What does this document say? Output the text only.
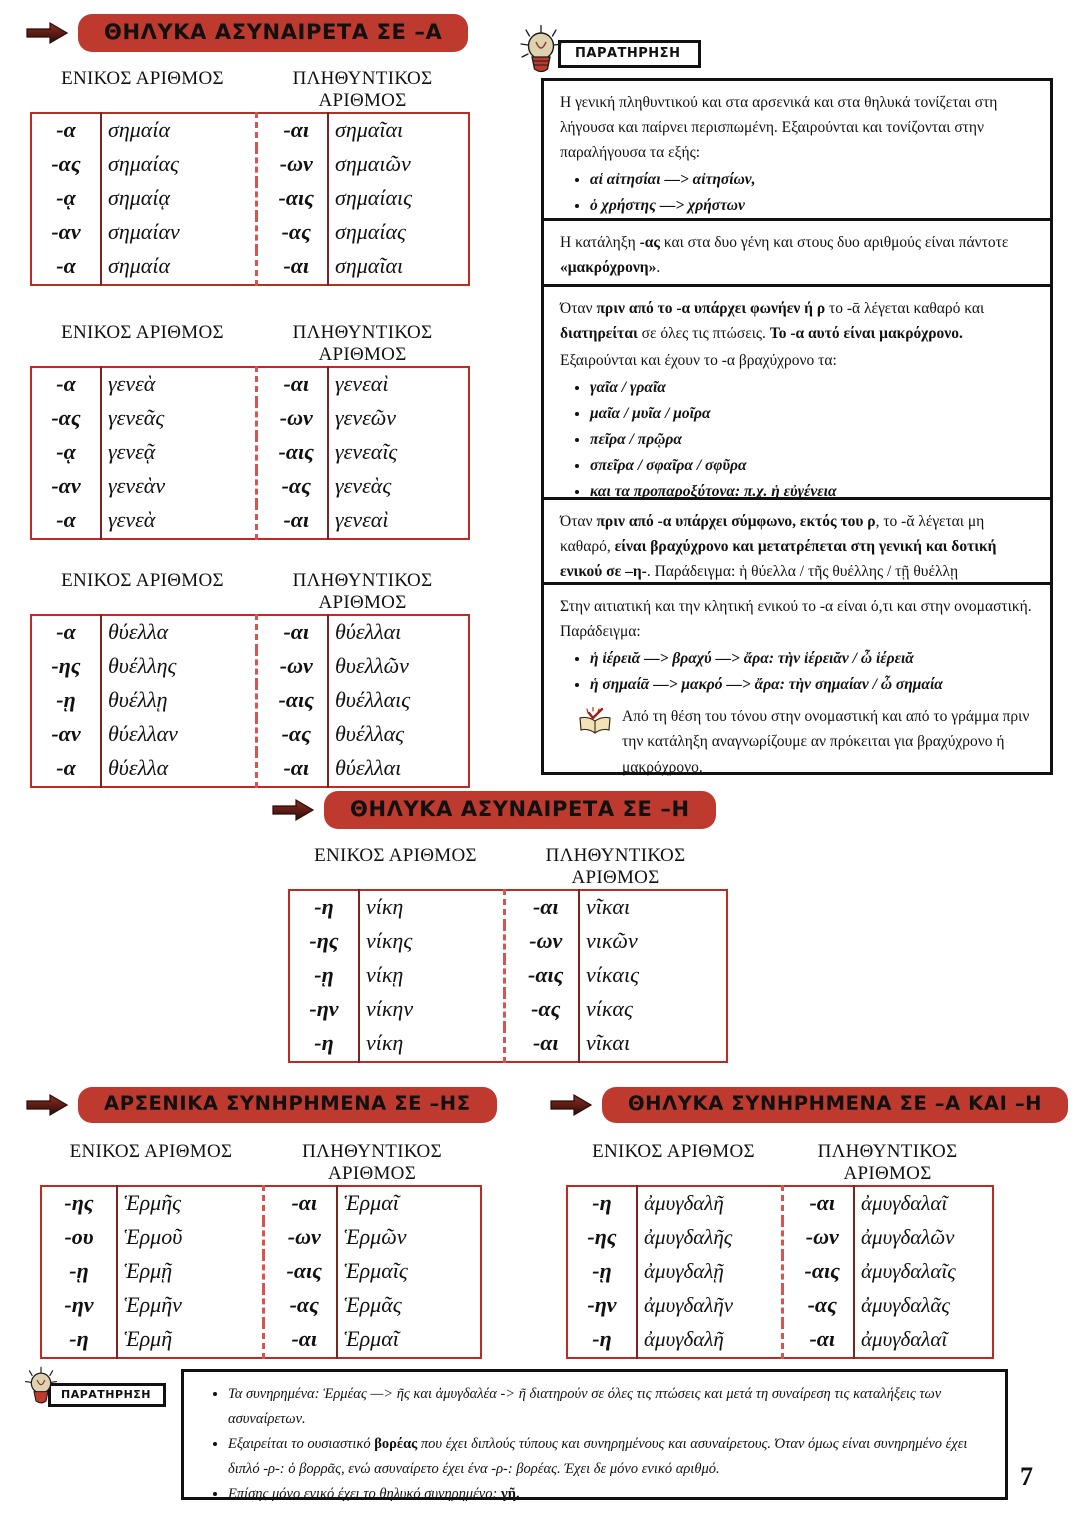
ΘΗΛΥΚΑ ΑΣΥΝΑΙΡΕΤΑ ΣΕ –Α
ΕΝΙΚΟΣ ΑΡΙΘΜΟΣ	ΠΛΗΘΥΝΤΙΚΟΣ ΑΡΙΘΜΟΣ
-α	σημαία	-αι	σημαῖαι
-ας	σημαίας	-ων	σημαιῶν
-ᾳ	σημαίᾳ	-αις	σημαίαις
-αν	σημαίαν	-ας	σημαίας
-α	σημαία	-αι	σημαῖαι
ΕΝΙΚΟΣ ΑΡΙΘΜΟΣ	ΠΛΗΘΥΝΤΙΚΟΣ ΑΡΙΘΜΟΣ
-α	γενεὰ	-αι	γενεαὶ
-ας	γενεᾶς	-ων	γενεῶν
-ᾳ	γενεᾷ	-αις	γενεαῖς
-αν	γενεὰν	-ας	γενεὰς
-α	γενεὰ	-αι	γενεαὶ
ΕΝΙΚΟΣ ΑΡΙΘΜΟΣ	ΠΛΗΘΥΝΤΙΚΟΣ ΑΡΙΘΜΟΣ
-α	θύελλα	-αι	θύελλαι
-ης	θυέλλης	-ων	θυελλῶν
-ῃ	θυέλλῃ	-αις	θυέλλαις
-αν	θύελλαν	-ας	θυέλλας
-α	θύελλα	-αι	θύελλαι
ΠΑΡΑΤΗΡΗΣΗ

Η γενική πληθυντικού και στα αρσενικά και στα θηλυκά τονίζεται στη λήγουσα και παίρνει περισπωμένη. Εξαιρούνται και τονίζονται στην παραλήγουσα τα εξής:

• αἱ αἰτησίαι —> αἰτησίων,
• ὁ χρήστης —> χρήστων

Η κατάληξη -ας και στα δυο γένη και στους δυο αριθμούς είναι πάντοτε «μακρόχρονη».

Όταν πριν από το -α υπάρχει φωνήεν ή ρ το -ᾱ λέγεται καθαρό και διατηρείται σε όλες τις πτώσεις. Το -α αυτό είναι μακρόχρονο.

Εξαιρούνται και έχουν το -α βραχύχρονο τα:

• γαῖα / γραῖα
• μαῖα / μυῖα / μοῖρα
• πεῖρα / πρῷρα
• σπεῖρα / σφαῖρα / σφῦρα
• και τα προπαροξύτονα: π.χ. ἡ εὐγένεια

Όταν πριν από -α υπάρχει σύμφωνο, εκτός του ρ, το -ᾰ λέγεται μη καθαρό, είναι βραχύχρονο και μετατρέπεται στη γενική και δοτική ενικού σε –η-. Παράδειγμα: ἡ θύελλα / τῆς θυέλλης / τῇ θυέλλῃ

Στην αιτιατική και την κλητική ενικού το -α είναι ό,τι και στην ονομαστική. Παράδειγμα:

• ἡ ἱέρειᾰ —> βραχύ —> ἄρα: τὴν ἱέρειᾰν / ὦ ἱέρειᾰ
• ἡ σημαίᾱ —> μακρό —> ἄρα: τὴν σημαίαν / ὦ σημαία
Από τη θέση του τόνου στην ονομαστική και από το γράμμα πριν την κατάληξη αναγνωρίζουμε αν πρόκειται για βραχύχρονο ή μακρόχρονο.
ΘΗΛΥΚΑ ΑΣΥΝΑΙΡΕΤΑ ΣΕ –Η
ΕΝΙΚΟΣ ΑΡΙΘΜΟΣ	ΠΛΗΘΥΝΤΙΚΟΣ ΑΡΙΘΜΟΣ
-η	νίκη	-αι	νῖκαι
-ης	νίκης	-ων	νικῶν
-ῃ	νίκῃ	-αις	νίκαις
-ην	νίκην	-ας	νίκας
-η	νίκη	-αι	νῖκαι
ΑΡΣΕΝΙΚΑ ΣΥΝΗΡΗΜΕΝΑ ΣΕ –ΗΣ
ΕΝΙΚΟΣ ΑΡΙΘΜΟΣ	ΠΛΗΘΥΝΤΙΚΟΣ ΑΡΙΘΜΟΣ
-ης	Ἑρμῆς	-αι	Ἑρμαῖ
-ου	Ἑρμοῦ	-ων	Ἑρμῶν
-ῃ	Ἑρμῇ	-αις	Ἑρμαῖς
-ην	Ἑρμῆν	-ας	Ἑρμᾶς
-η	Ἑρμῆ	-αι	Ἑρμαῖ
ΘΗΛΥΚΑ ΣΥΝΗΡΗΜΕΝΑ ΣΕ –Α ΚΑΙ –Η
ΕΝΙΚΟΣ ΑΡΙΘΜΟΣ	ΠΛΗΘΥΝΤΙΚΟΣ ΑΡΙΘΜΟΣ
-η	ἀμυγδαλῆ	-αι	ἀμυγδαλαῖ
-ης	ἀμυγδαλῆς	-ων	ἀμυγδαλῶν
-ῃ	ἀμυγδαλῇ	-αις	ἀμυγδαλαῖς
-ην	ἀμυγδαλῆν	-ας	ἀμυγδαλᾶς
-η	ἀμυγδαλῆ	-αι	ἀμυγδαλαῖ
ΠΑΡΑΤΗΡΗΣΗ	• Τα συνηρημένα: Ἑρμέας —> ῆς και ἀμυγδαλέα -> ῆ διατηρούν σε όλες τις πτώσεις και μετά τη συναίρεση τις καταλήξεις των ασυναίρετων.
• Εξαιρείται το ουσιαστικό βορέας που έχει διπλούς τύπους και συνηρημένους και ασυναίρετους. Όταν όμως είναι συνηρημένο έχει διπλό -ρ-: ὁ βορρᾶς, ενώ ασυναίρετο έχει ένα -ρ-: βορέας. Έχει δε μόνο ενικό αριθμό.
• Επίσης μόνο ενικό έχει το θηλυκό συνηρημένο: γῆ.
7
